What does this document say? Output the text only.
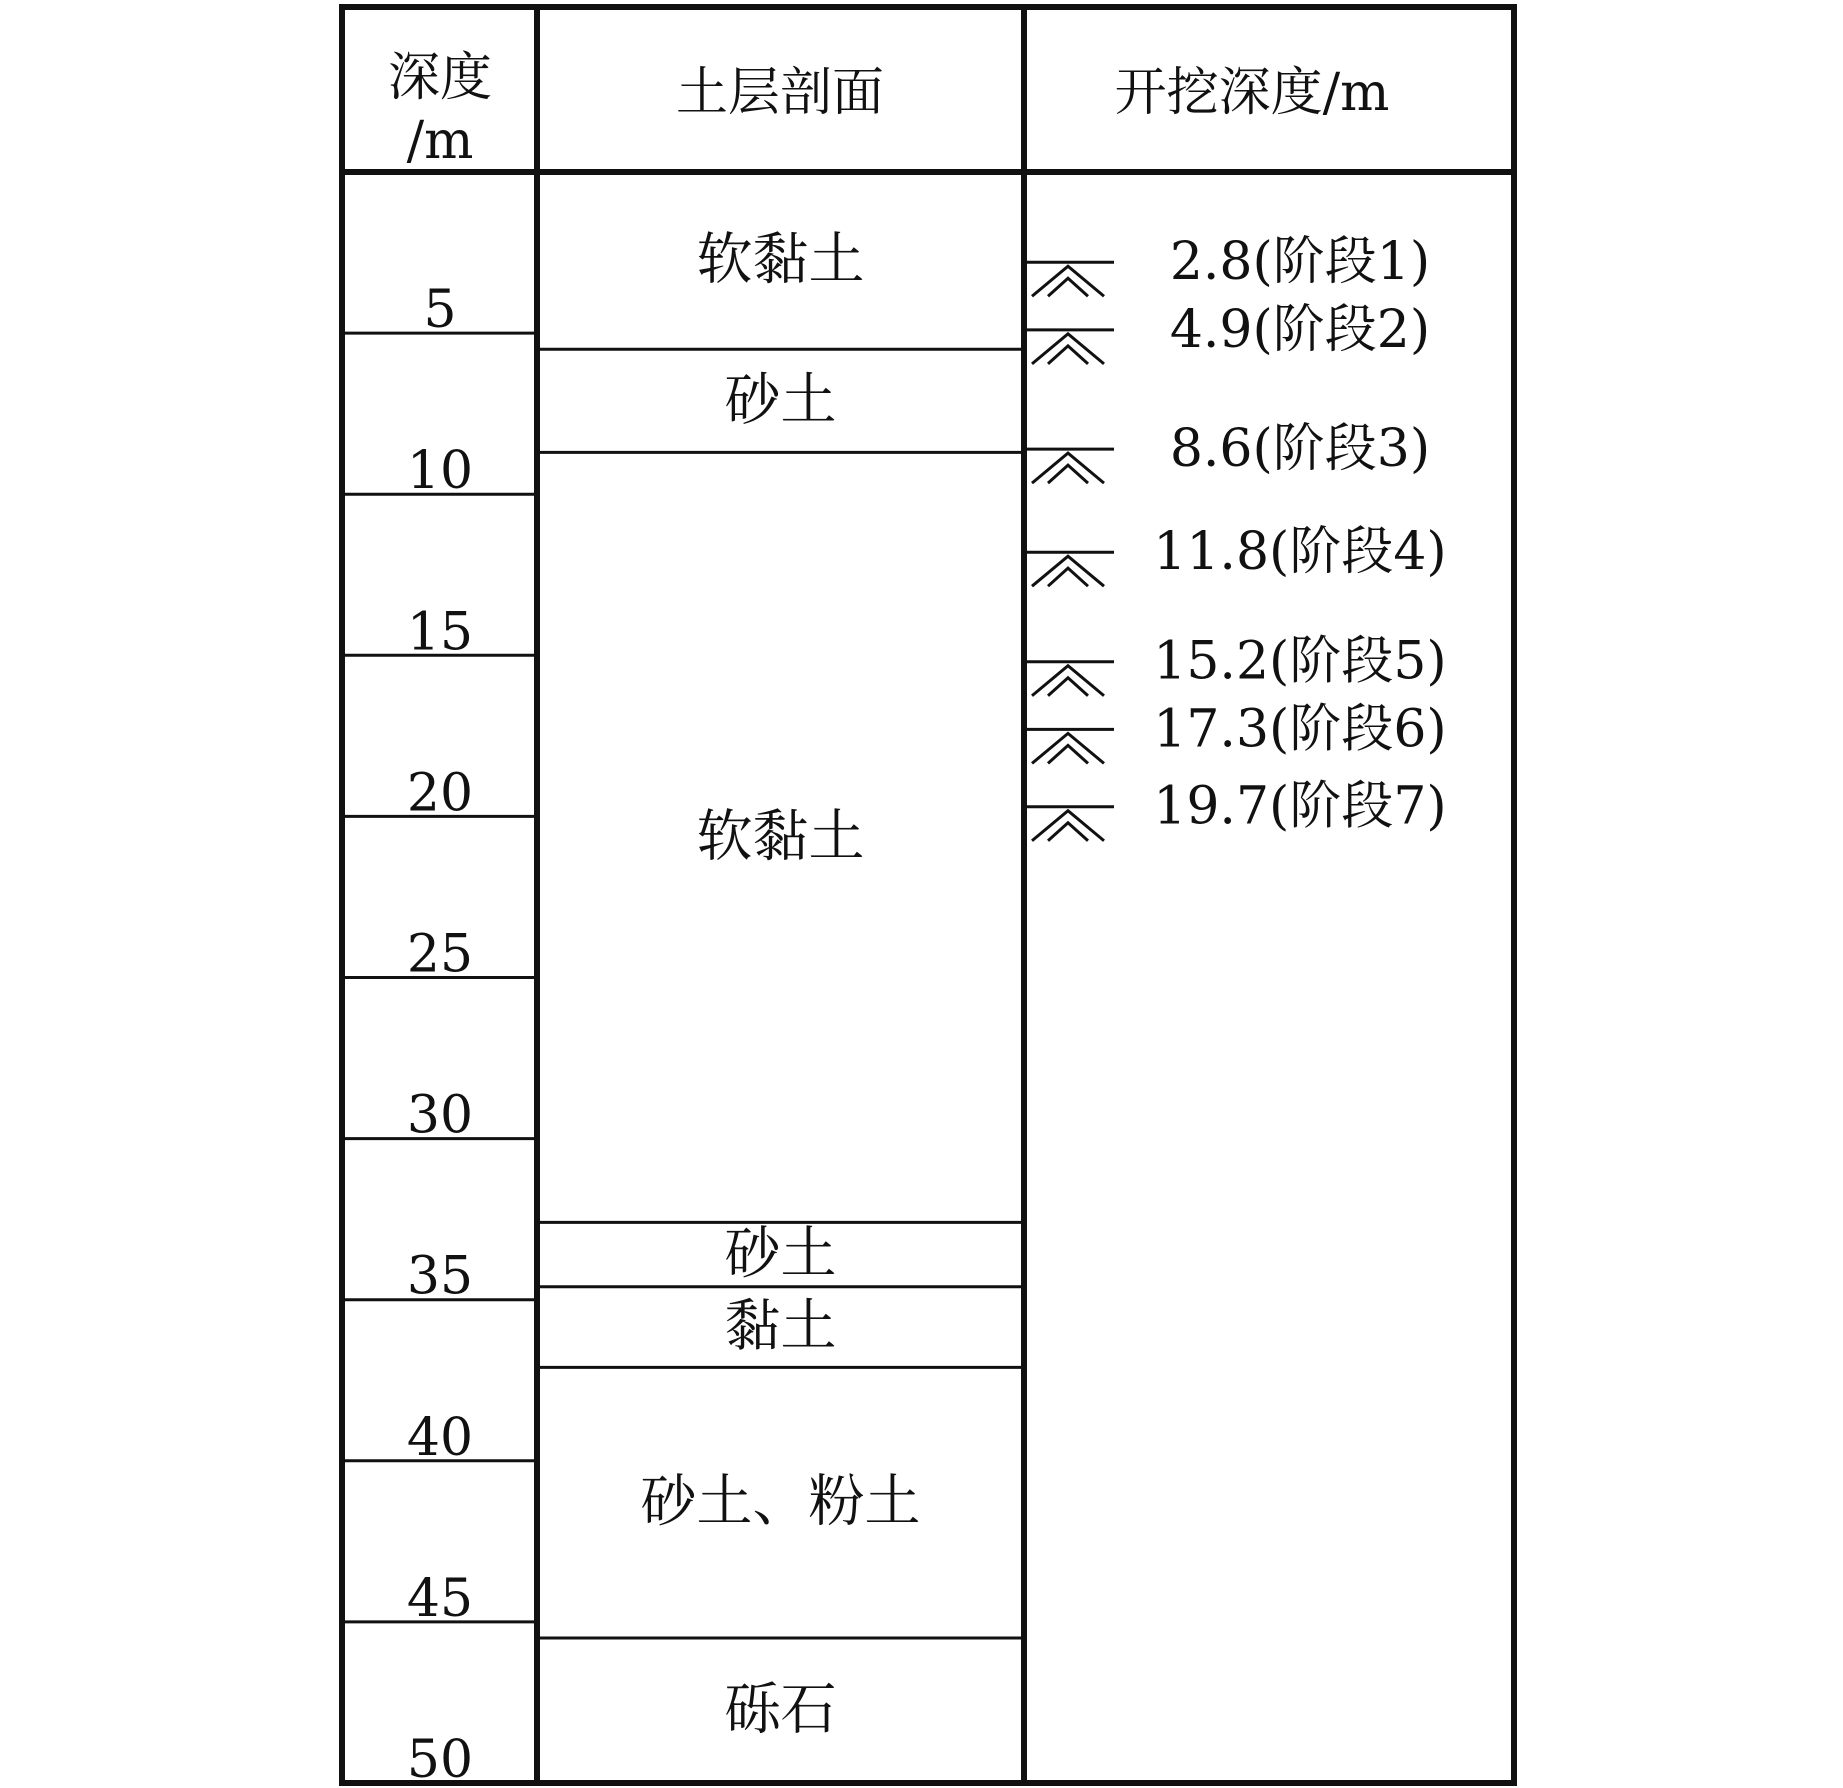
深度
/m
土层剖面	开挖深度/m
5
10
15
20
25
30
35
40
45
50
软黏土
砂土
软黏土
砂土
黏土
砂土、粉土
砾石
2.8(阶段1)
4.9(阶段2)
8.6(阶段3)
11.8(阶段4)
15.2(阶段5)
17.3(阶段6)
19.7(阶段7)
